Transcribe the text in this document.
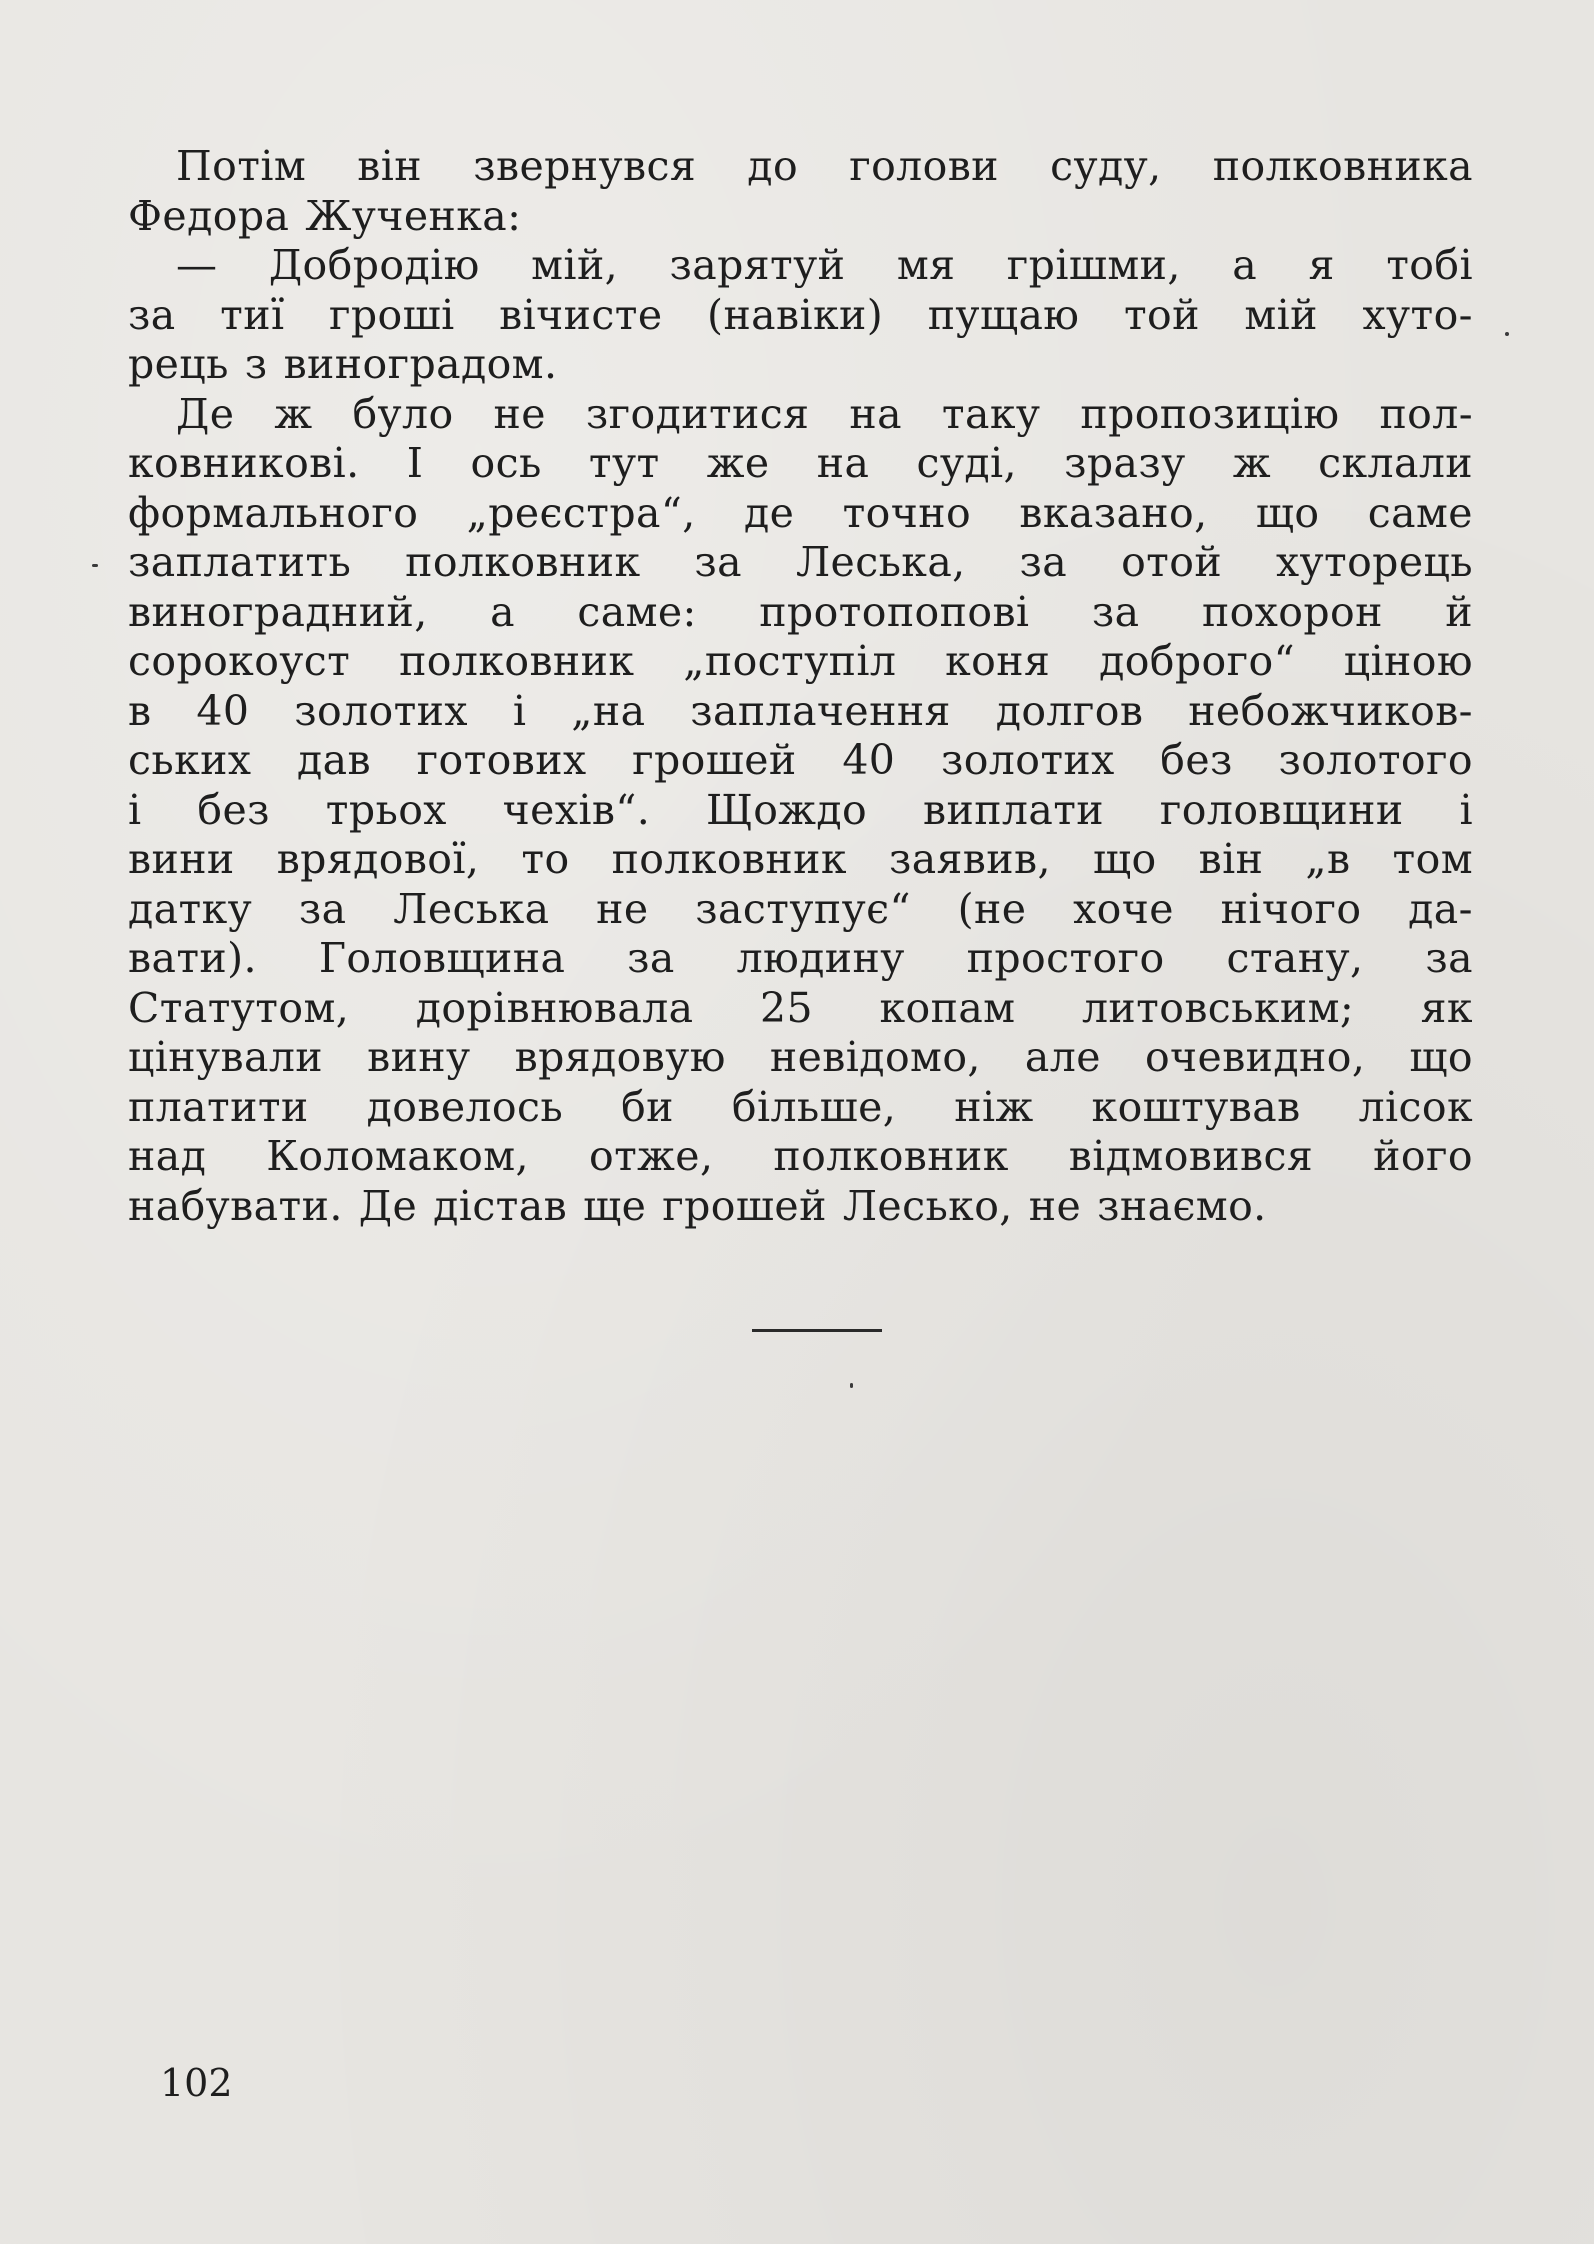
Потім він звернувся до голови суду, полковника
Федора Жученка:
— Добродію мій, зарятуй мя грішми, а я тобі
за тиї гроші вічисте (навіки) пущаю той мій хуто-
рець з виноградом.
Де ж було не згодитися на таку пропозицію пол-
ковникові. І ось тут же на суді, зразу ж склали
формального „реєстра“, де точно вказано, що саме
заплатить полковник за Леська, за отой хуторець
виноградний, а саме: протопопові за похорон й
сорокоуст полковник „поступіл коня доброго“ ціною
в 40 золотих і „на заплачення долгов небожчиков-
ських дав готових грошей 40 золотих без золотого
і без трьох чехів“. Щождо виплати головщини і
вини врядової, то полковник заявив, що він „в том
датку за Леська не заступує“ (не хоче нічого да-
вати). Головщина за людину простого стану, за
Статутом, дорівнювала 25 копам литовським; як
цінували вину врядовую невідомо, але очевидно, що
платити довелось би більше, ніж коштував лісок
над Коломаком, отже, полковник відмовився його
набувати. Де дістав ще грошей Лесько, не знаємо.
102
